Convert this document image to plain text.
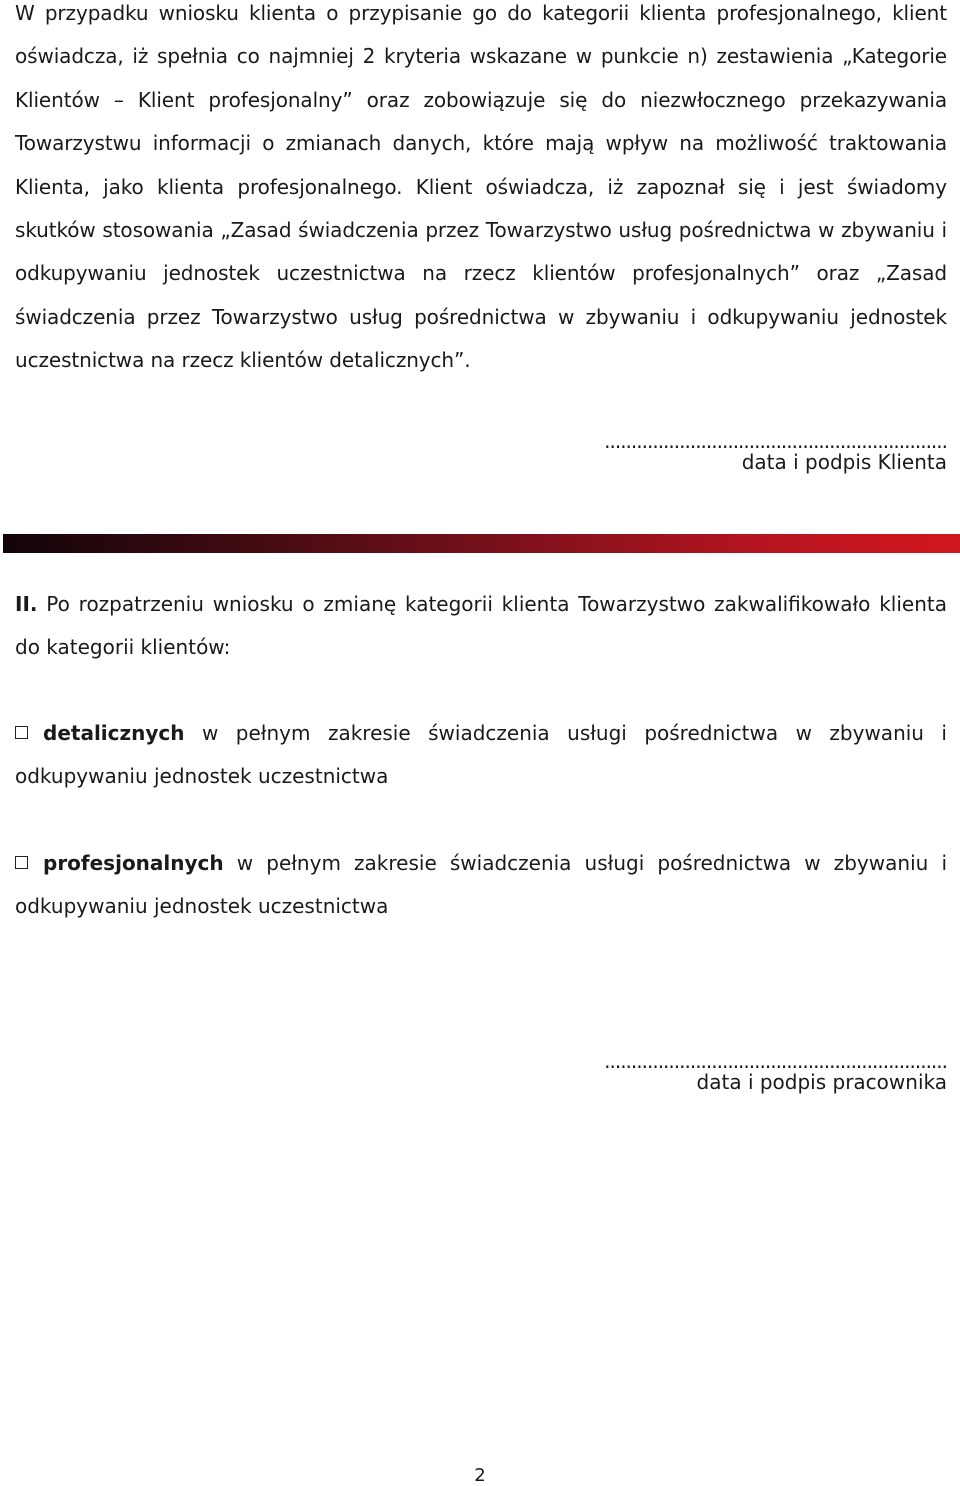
W przypadku wniosku klienta o przypisanie go do kategorii klienta profesjonalnego, klient oświadcza, iż spełnia co najmniej 2 kryteria wskazane w punkcie n) zestawienia „Kategorie Klientów – Klient profesjonalny” oraz zobowiązuje się do niezwłocznego przekazywania Towarzystwu informacji o zmianach danych, które mają wpływ na możliwość traktowania Klienta, jako klienta profesjonalnego. Klient oświadcza, iż zapoznał się i jest świadomy skutków stosowania „Zasad świadczenia przez Towarzystwo usług pośrednictwa w zbywaniu i odkupywaniu jednostek uczestnictwa na rzecz klientów profesjonalnych” oraz „Zasad świadczenia przez Towarzystwo usług pośrednictwa w zbywaniu i odkupywaniu jednostek uczestnictwa na rzecz klientów detalicznych”.

................................................................
data i podpis Klienta

II. Po rozpatrzeniu wniosku o zmianę kategorii klienta Towarzystwo zakwalifikowało klienta do kategorii klientów:

detalicznych w pełnym zakresie świadczenia usługi pośrednictwa w zbywaniu i odkupywaniu jednostek uczestnictwa

profesjonalnych w pełnym zakresie świadczenia usługi pośrednictwa w zbywaniu i odkupywaniu jednostek uczestnictwa

................................................................
data i podpis pracownika
2
